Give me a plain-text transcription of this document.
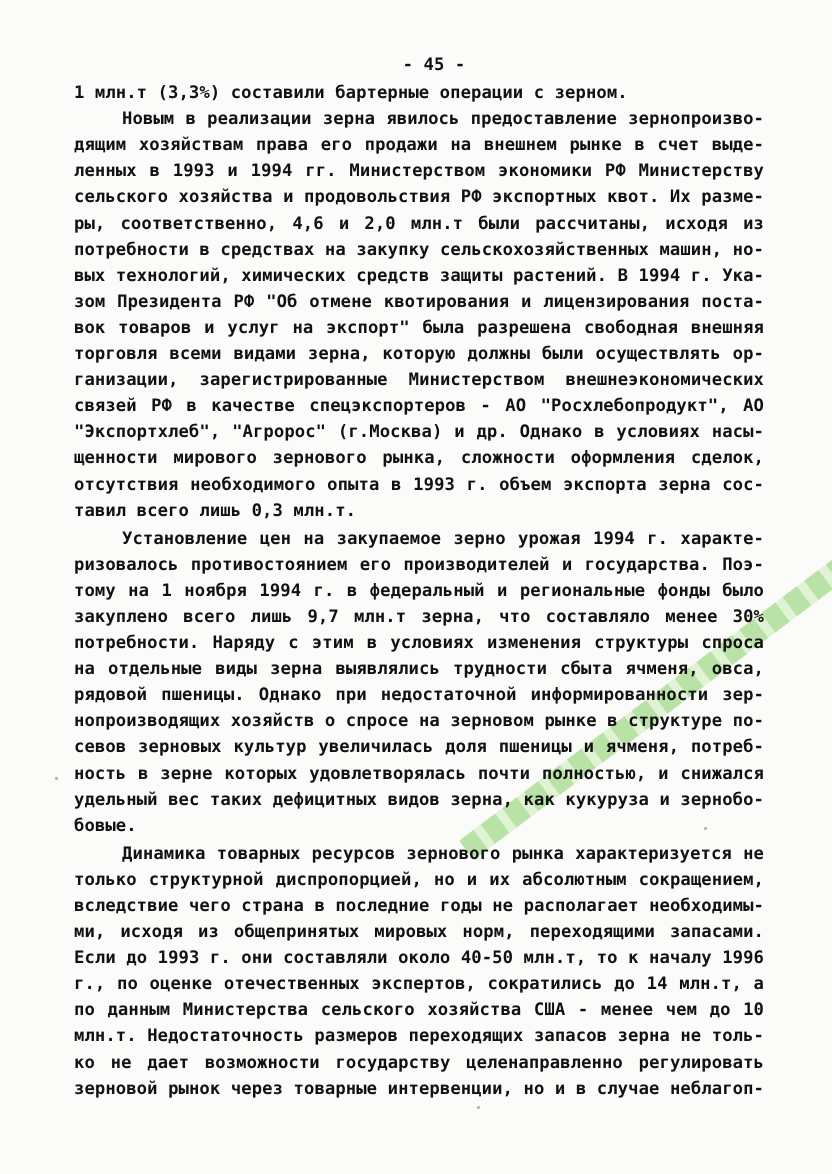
- 45 -
1 млн.т (3,3%) составили бартерные операции с зерном.
Новым в реализации зерна явилось предоставление зернопроизво-
дящим хозяйствам права его продажи на внешнем рынке в счет выде-
ленных в 1993 и 1994 гг. Министерством экономики РФ Министерству
сельского хозяйства и продовольствия РФ экспортных квот. Их разме-
ры, соответственно, 4,6 и 2,0 млн.т были рассчитаны, исходя из
потребности в средствах на закупку сельскохозяйственных машин, но-
вых технологий, химических средств защиты растений. В 1994 г. Ука-
зом Президента РФ "Об отмене квотирования и лицензирования поста-
вок товаров и услуг на экспорт" была разрешена свободная внешняя
торговля всеми видами зерна, которую должны были осуществлять ор-
ганизации, зарегистрированные Министерством внешнеэкономических
связей РФ в качестве спецэкспортеров - АО "Росхлебопродукт", АО
"Экспортхлеб", "Агророс" (г.Москва) и др. Однако в условиях насы-
щенности мирового зернового рынка, сложности оформления сделок,
отсутствия необходимого опыта в 1993 г. объем экспорта зерна сос-
тавил всего лишь 0,3 млн.т.
Установление цен на закупаемое зерно урожая 1994 г. характе-
ризовалось противостоянием его производителей и государства. Поэ-
тому на 1 ноября 1994 г. в федеральный и региональные фонды было
закуплено всего лишь 9,7 млн.т зерна, что составляло менее 30%
потребности. Наряду с этим в условиях изменения структуры спроса
на отдельные виды зерна выявлялись трудности сбыта ячменя, овса,
рядовой пшеницы. Однако при недостаточной информированности зер-
нопроизводящих хозяйств о спросе на зерновом рынке в структуре по-
севов зерновых культур увеличилась доля пшеницы и ячменя, потреб-
ность в зерне которых удовлетворялась почти полностью, и снижался
удельный вес таких дефицитных видов зерна, как кукуруза и зернобо-
бовые.
Динамика товарных ресурсов зернового рынка характеризуется не
только структурной диспропорцией, но и их абсолютным сокращением,
вследствие чего страна в последние годы не располагает необходимы-
ми, исходя из общепринятых мировых норм, переходящими запасами.
Если до 1993 г. они составляли около 40-50 млн.т, то к началу 1996
г., по оценке отечественных экспертов, сократились до 14 млн.т, а
по данным Министерства сельского хозяйства США - менее чем до 10
млн.т. Недостаточность размеров переходящих запасов зерна не толь-
ко не дает возможности государству целенаправленно регулировать
зерновой рынок через товарные интервенции, но и в случае неблагоп-
